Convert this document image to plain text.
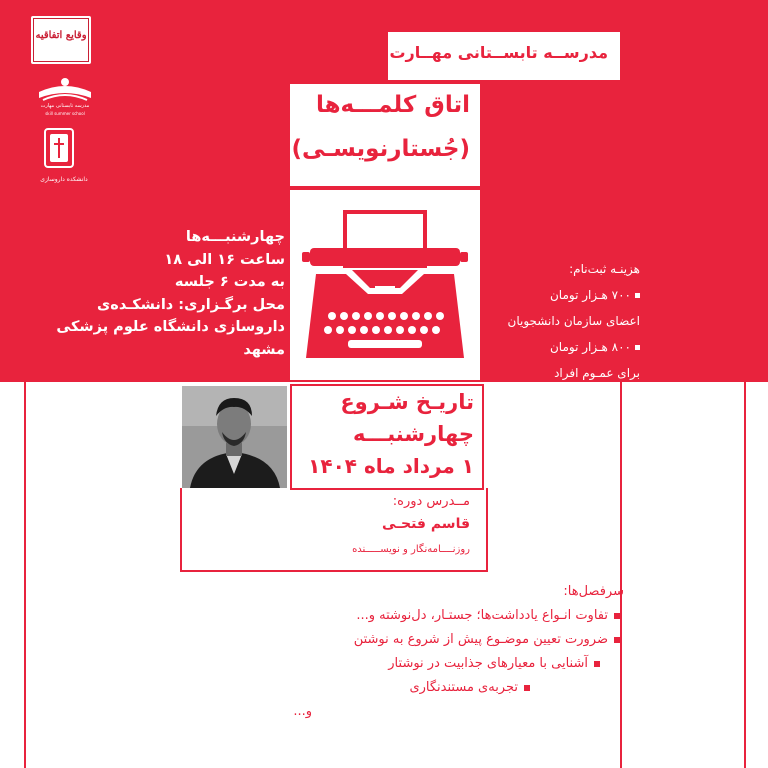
وقایع اتفاقیه
مدرسه تابستانی مهارت
skill summer school
دانشکده داروسازی
مدرســه تابســتانی مهــارت
اتاق کلمـــه‌ها
(جُستارنویسـی)
چهارشنبـــه‌ها
ساعت ۱۶ الی ۱۸
به مدت ۶ جلسه
محل برگـزاری: دانشکـده‌ی
داروسازی دانشگاه علوم پزشکی
مشهد
هزینـه ثبت‌نام:
۷۰۰ هـزار تومان
اعضای سازمان دانشجویان
۸۰۰ هـزار تومان
برای عمـوم افراد
تاریـخ شـروع
چهارشنبـــه
۱ مرداد ماه ۱۴۰۴
مــدرس دوره:
قاسم فتحـی
روزنــــامه‌نگار و نویســـــنده
سرفصل‌ها:
تفاوت انـواع یادداشت‌ها؛ جستـار، دل‌نوشته و...
ضرورت تعیین موضـوع پیش از شروع به نوشتن
آشنایی با معیارهای جذابیت در نوشتار
تجربه‌ی مستندنگاری
و...
